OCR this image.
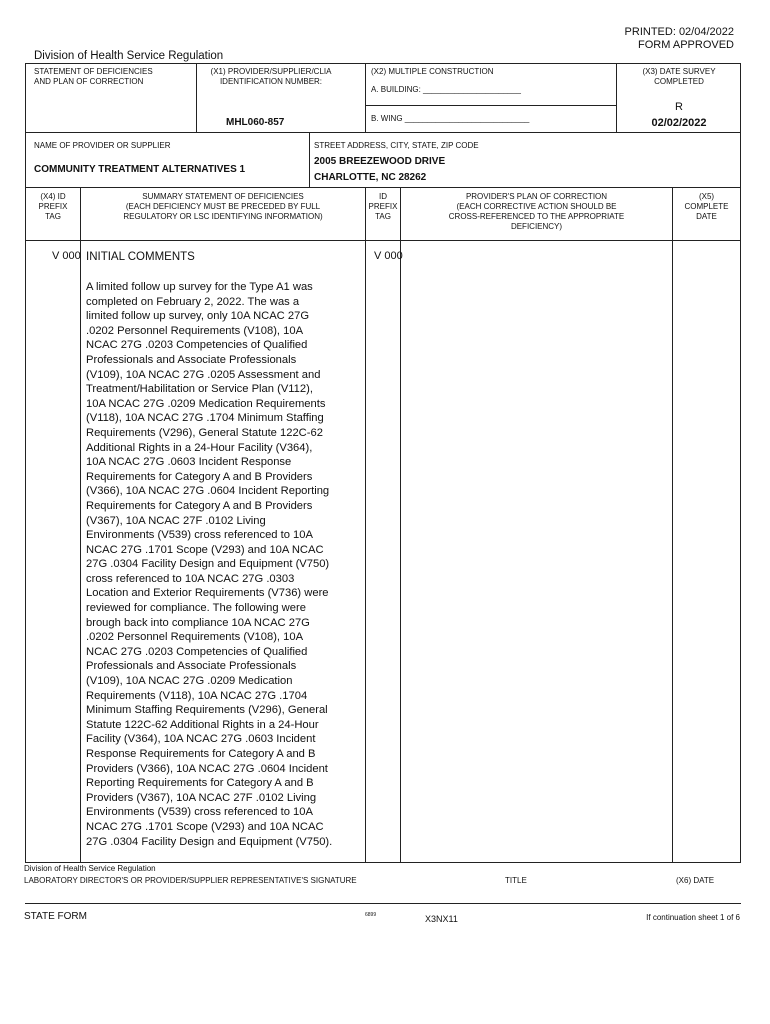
PRINTED: 02/04/2022
FORM APPROVED
Division of Health Service Regulation
STATEMENT OF DEFICIENCIES
AND PLAN OF CORRECTION
(X1) PROVIDER/SUPPLIER/CLIA
IDENTIFICATION NUMBER:
MHL060-857
(X2) MULTIPLE CONSTRUCTION
A. BUILDING: ______________________
B. WING ____________________________
(X3) DATE SURVEY
COMPLETED
R
02/02/2022
NAME OF PROVIDER OR SUPPLIER
COMMUNITY TREATMENT ALTERNATIVES 1
STREET ADDRESS, CITY, STATE, ZIP CODE
2005 BREEZEWOOD DRIVE
CHARLOTTE, NC 28262
(X4) ID
PREFIX
TAG
SUMMARY STATEMENT OF DEFICIENCIES
(EACH DEFICIENCY MUST BE PRECEDED BY FULL
REGULATORY OR LSC IDENTIFYING INFORMATION)
ID
PREFIX
TAG
PROVIDER'S PLAN OF CORRECTION
(EACH CORRECTIVE ACTION SHOULD BE
CROSS-REFERENCED TO THE APPROPRIATE
DEFICIENCY)
(X5)
COMPLETE
DATE
V 000 INITIAL COMMENTS	V 000
A limited follow up survey for the Type A1 was
completed on February 2, 2022. The was a
limited follow up survey, only 10A NCAC 27G
.0202 Personnel Requirements (V108), 10A
NCAC 27G .0203 Competencies of Qualified
Professionals and Associate Professionals
(V109), 10A NCAC 27G .0205 Assessment and
Treatment/Habilitation or Service Plan (V112),
10A NCAC 27G .0209 Medication Requirements
(V118), 10A NCAC 27G .1704 Minimum Staffing
Requirements (V296), General Statute 122C-62
Additional Rights in a 24-Hour Facility (V364),
10A NCAC 27G .0603 Incident Response
Requirements for Category A and B Providers
(V366), 10A NCAC 27G .0604 Incident Reporting
Requirements for Category A and B Providers
(V367), 10A NCAC 27F .0102 Living
Environments (V539) cross referenced to 10A
NCAC 27G .1701 Scope (V293) and 10A NCAC
27G .0304 Facility Design and Equipment (V750)
cross referenced to 10A NCAC 27G .0303
Location and Exterior Requirements (V736) were
reviewed for compliance. The following were
brough back into compliance 10A NCAC 27G
.0202 Personnel Requirements (V108), 10A
NCAC 27G .0203 Competencies of Qualified
Professionals and Associate Professionals
(V109), 10A NCAC 27G .0209 Medication
Requirements (V118), 10A NCAC 27G .1704
Minimum Staffing Requirements (V296), General
Statute 122C-62 Additional Rights in a 24-Hour
Facility (V364), 10A NCAC 27G .0603 Incident
Response Requirements for Category A and B
Providers (V366), 10A NCAC 27G .0604 Incident
Reporting Requirements for Category A and B
Providers (V367), 10A NCAC 27F .0102 Living
Environments (V539) cross referenced to 10A
NCAC 27G .1701 Scope (V293) and 10A NCAC
27G .0304 Facility Design and Equipment (V750).
Division of Health Service Regulation
LABORATORY DIRECTOR'S OR PROVIDER/SUPPLIER REPRESENTATIVE'S SIGNATURE	TITLE	(X6) DATE
STATE FORM	6899	X3NX11	If continuation sheet 1 of 6
